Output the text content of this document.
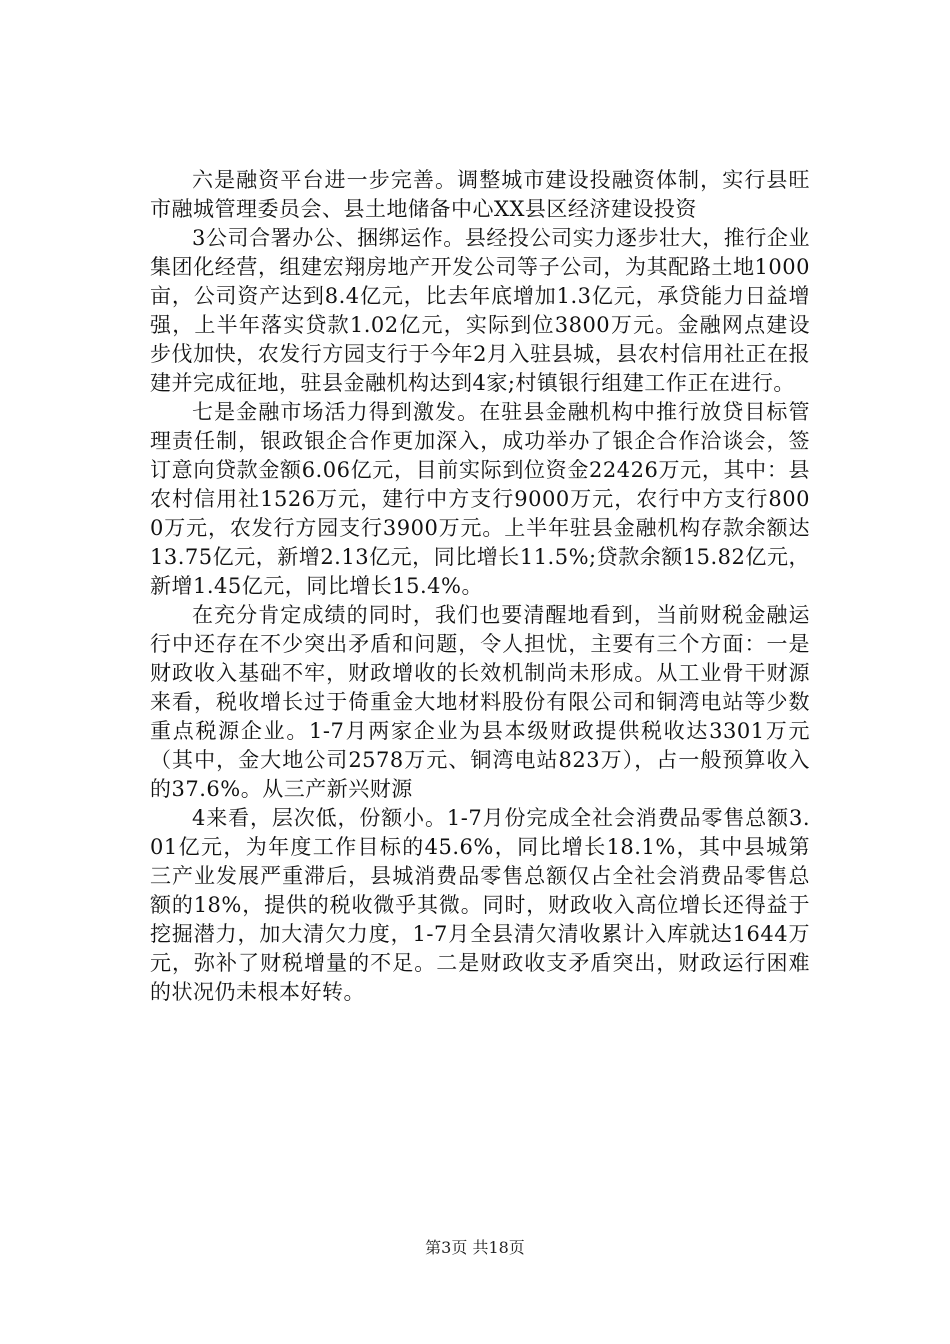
六是融资平台进一步完善。调整城市建设投融资体制，实行县旺市融城管理委员会、县土地储备中心XX县区经济建设投资

3公司合署办公、捆绑运作。县经投公司实力逐步壮大，推行企业集团化经营，组建宏翔房地产开发公司等子公司，为其配路土地1000亩，公司资产达到8.4亿元，比去年底增加1.3亿元，承贷能力日益增强，上半年落实贷款1.02亿元，实际到位3800万元。金融网点建设步伐加快，农发行方园支行于今年2月入驻县城，县农村信用社正在报建并完成征地，驻县金融机构达到4家;村镇银行组建工作正在进行。

七是金融市场活力得到激发。在驻县金融机构中推行放贷目标管理责任制，银政银企合作更加深入，成功举办了银企合作洽谈会，签订意向贷款金额6.06亿元，目前实际到位资金22426万元，其中：县农村信用社1526万元，建行中方支行9000万元，农行中方支行8000万元，农发行方园支行3900万元。上半年驻县金融机构存款余额达13.75亿元，新增2.13亿元，同比增长11.5%;贷款余额15.82亿元，新增1.45亿元，同比增长15.4%。

在充分肯定成绩的同时，我们也要清醒地看到，当前财税金融运行中还存在不少突出矛盾和问题，令人担忧，主要有三个方面：一是财政收入基础不牢，财政增收的长效机制尚未形成。从工业骨干财源来看，税收增长过于倚重金大地材料股份有限公司和铜湾电站等少数重点税源企业。1-7月两家企业为县本级财政提供税收达3301万元（其中，金大地公司2578万元、铜湾电站823万），占一般预算收入的37.6%。从三产新兴财源

4来看，层次低，份额小。1-7月份完成全社会消费品零售总额3.01亿元，为年度工作目标的45.6%，同比增长18.1%，其中县城第三产业发展严重滞后，县城消费品零售总额仅占全社会消费品零售总额的18%，提供的税收微乎其微。同时，财政收入高位增长还得益于挖掘潜力，加大清欠力度，1-7月全县清欠清收累计入库就达1644万元，弥补了财税增量的不足。二是财政收支矛盾突出，财政运行困难的状况仍未根本好转。

第3页 共18页
